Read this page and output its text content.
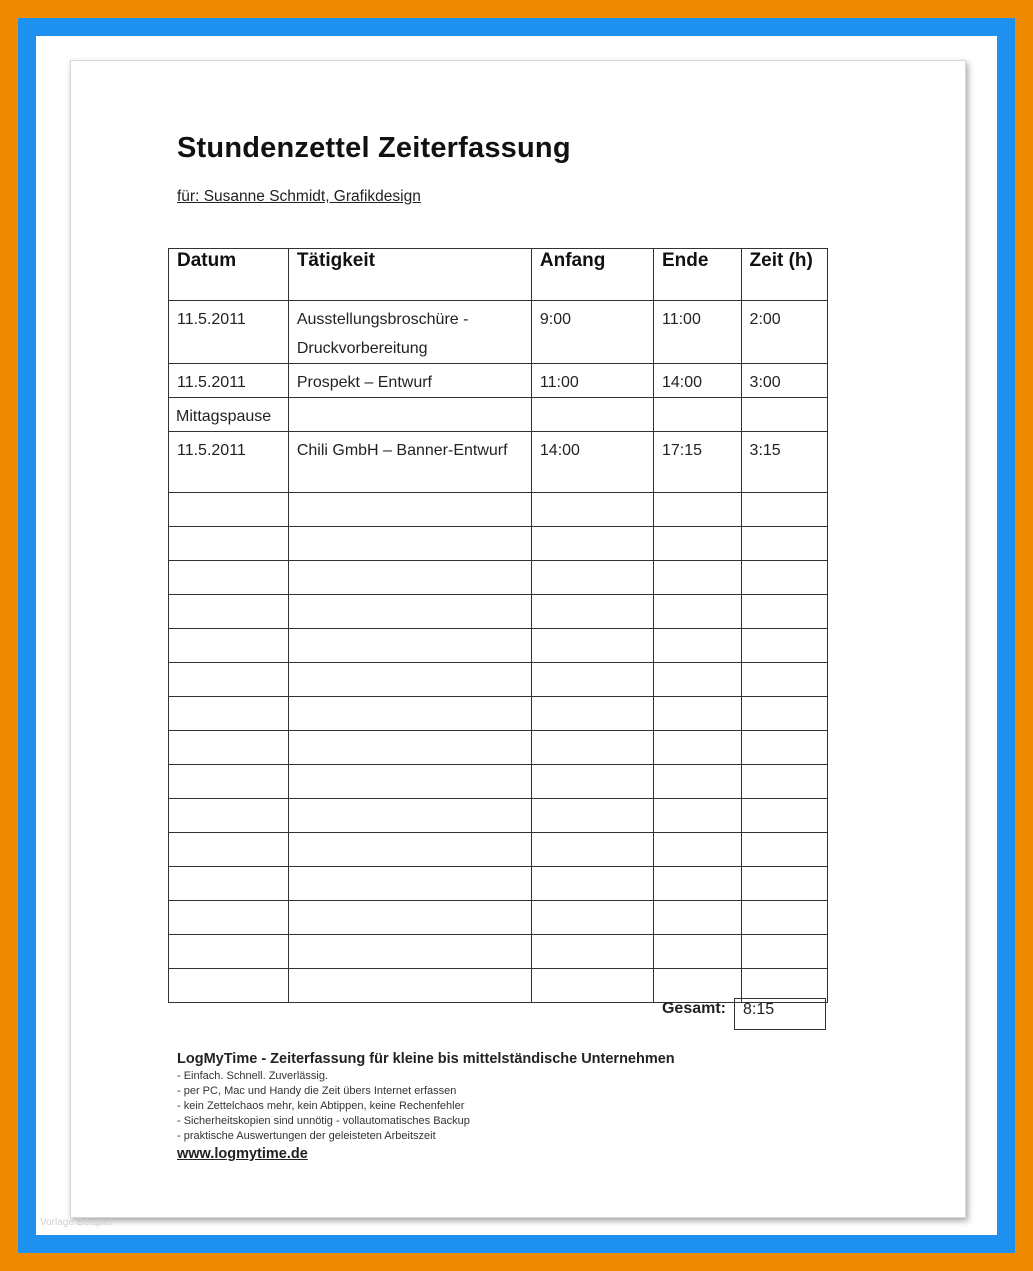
Stundenzettel Zeiterfassung
für: Susanne Schmidt, Grafikdesign
Datum	Tätigkeit	Anfang	Ende	Zeit (h)
11.5.2011	Ausstellungsbroschüre - Druckvorbereitung	9:00	11:00	2:00
11.5.2011	Prospekt – Entwurf	11:00	14:00	3:00
Mittagspause				
11.5.2011	Chili GmbH – Banner-Entwurf	14:00	17:15	3:15

Gesamt:	8:15
LogMyTime - Zeiterfassung für kleine bis mittelständische Unternehmen
- Einfach. Schnell. Zuverlässig.
- per PC, Mac und Handy die Zeit übers Internet erfassen
- kein Zettelchaos mehr, kein Abtippen, keine Rechenfehler
- Sicherheitskopien sind unnötig - vollautomatisches Backup
- praktische Auswertungen der geleisteten Arbeitszeit
www.logmytime.de
Vorlage Beispiel
